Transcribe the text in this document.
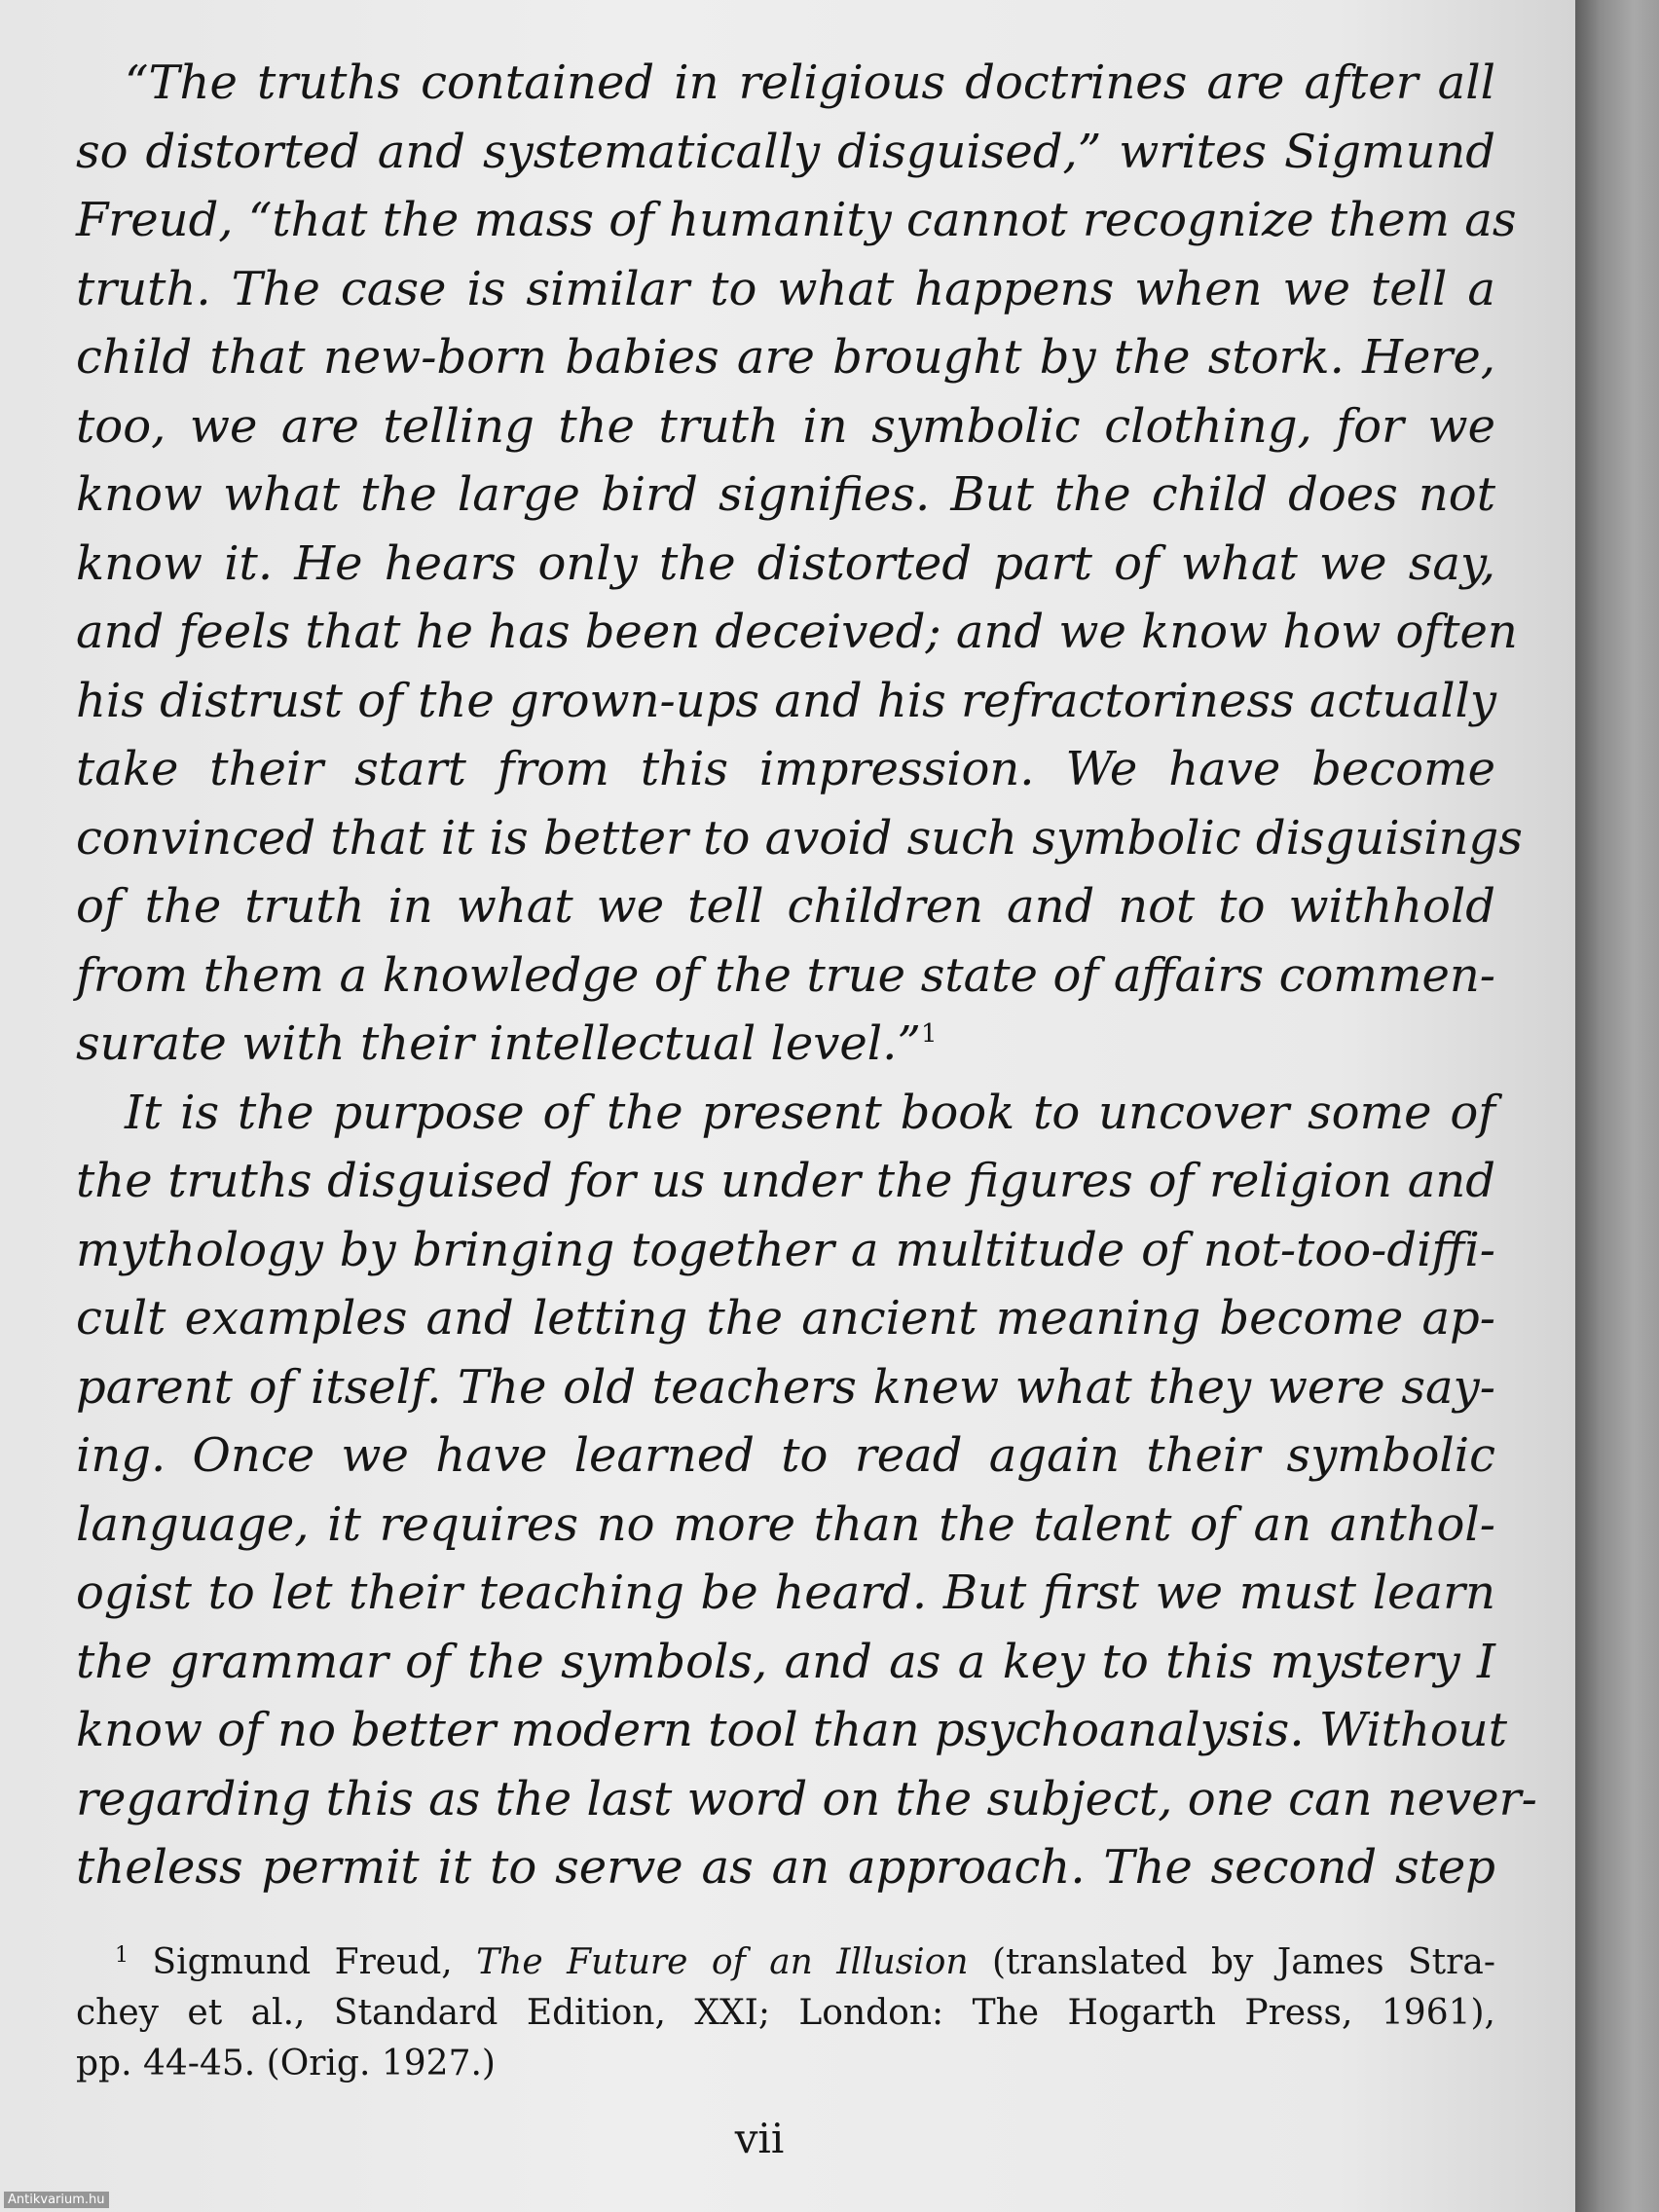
“The truths contained in religious doctrines are after all
so distorted and systematically disguised,” writes Sigmund
Freud, “that the mass of humanity cannot recognize them as
truth. The case is similar to what happens when we tell a
child that new-born babies are brought by the stork. Here,
too, we are telling the truth in symbolic clothing, for we
know what the large bird signifies. But the child does not
know it. He hears only the distorted part of what we say,
and feels that he has been deceived; and we know how often
his distrust of the grown-ups and his refractoriness actually
take their start from this impression. We have become
convinced that it is better to avoid such symbolic disguisings
of the truth in what we tell children and not to withhold
from them a knowledge of the true state of affairs commen-
surate with their intellectual level.”$^1$
It is the purpose of the present book to uncover some of
the truths disguised for us under the figures of religion and
mythology by bringing together a multitude of not-too-diffi-
cult examples and letting the ancient meaning become ap-
parent of itself. The old teachers knew what they were say-
ing. Once we have learned to read again their symbolic
language, it requires no more than the talent of an anthol-
ogist to let their teaching be heard. But first we must learn
the grammar of the symbols, and as a key to this mystery I
know of no better modern tool than psychoanalysis. Without
regarding this as the last word on the subject, one can never-
theless permit it to serve as an approach. The second step
$^1$ Sigmund Freud, The Future of an Illusion (translated by James Stra-
chey et al., Standard Edition, XXI; London: The Hogarth Press, 1961),
pp. 44-45. (Orig. 1927.)
vii
Antikvarium.hu
